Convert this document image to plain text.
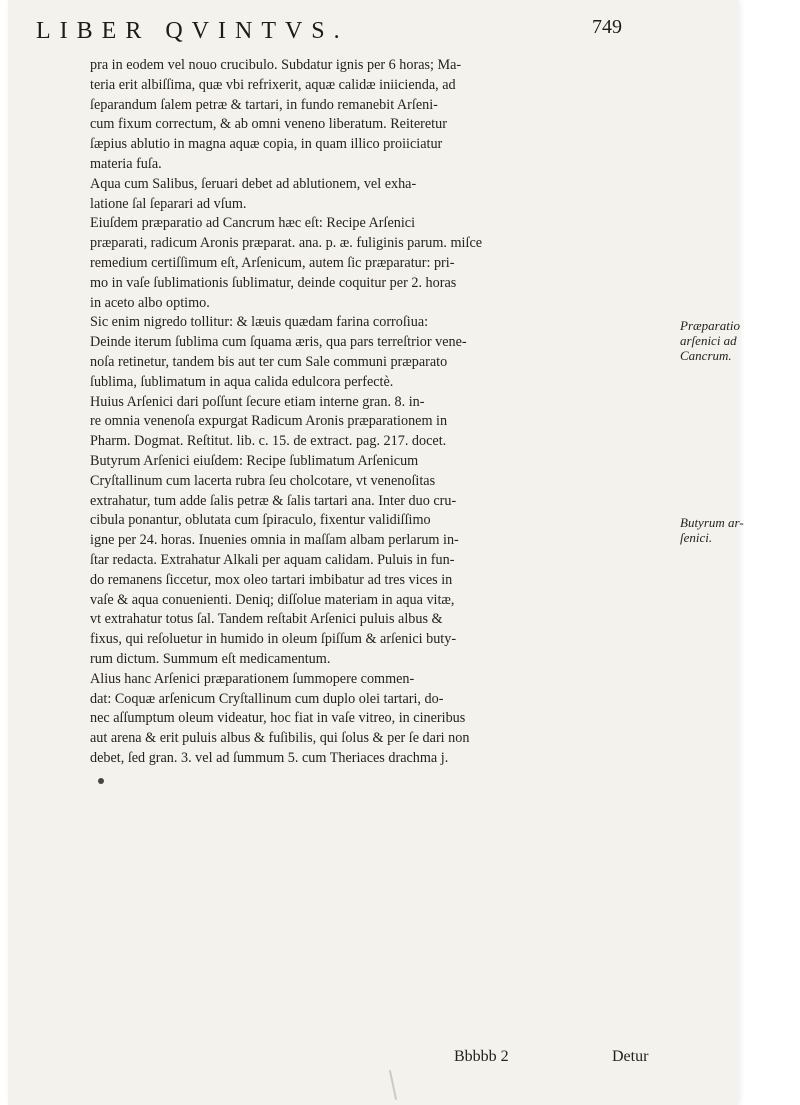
LIBER QVINTVS.	749
pra in eodem vel nouo crucibulo. Subdatur ignis per 6 horas; Ma-
teria erit albiſſima, quæ vbi refrixerit, aquæ calidæ iniicienda, ad
ſeparandum ſalem petræ & tartari, in fundo remanebit Arſeni-
cum fixum correctum, & ab omni veneno liberatum. Reiteretur
ſæpius ablutio in magna aquæ copia, in quam illico proiiciatur
materia fuſa.
Aqua cum Salibus, ſeruari debet ad ablutionem, vel exha-
latione ſal ſeparari ad vſum.
Eiuſdem præparatio ad Cancrum hæc eſt: Recipe Arſenici
præparati, radicum Aronis præparat. ana. p. æ. fuliginis parum. miſce
remedium certiſſimum eſt, Arſenicum, autem ſic præparatur: pri-
mo in vaſe ſublimationis ſublimatur, deinde coquitur per 2. horas
in aceto albo optimo.
Sic enim nigredo tollitur: & læuis quædam farina corroſiua:
Deinde iterum ſublima cum ſquama æris, qua pars terreſtrior vene-
noſa retinetur, tandem bis aut ter cum Sale communi præparato
ſublima, ſublimatum in aqua calida edulcora perfectè.
Huius Arſenici dari poſſunt ſecure etiam interne gran. 8. in-
re omnia venenoſa expurgat Radicum Aronis præparationem in
Pharm. Dogmat. Reſtitut. lib. c. 15. de extract. pag. 217. docet.
Butyrum Arſenici eiuſdem: Recipe ſublimatum Arſenicum
Cryſtallinum cum lacerta rubra ſeu cholcotare, vt venenoſitas
extrahatur, tum adde ſalis petræ & ſalis tartari ana. Inter duo cru-
cibula ponantur, oblutata cum ſpiraculo, fixentur validiſſimo
igne per 24. horas. Inuenies omnia in maſſam albam perlarum in-
ſtar redacta. Extrahatur Alkali per aquam calidam. Puluis in fun-
do remanens ſiccetur, mox oleo tartari imbibatur ad tres vices in
vaſe & aqua conuenienti. Deniq; diſſolue materiam in aqua vitæ,
vt extrahatur totus ſal. Tandem reſtabit Arſenici puluis albus &
fixus, qui reſoluetur in humido in oleum ſpiſſum & arſenici buty-
rum dictum. Summum eſt medicamentum.
Alius hanc Arſenici præparationem ſummopere commen-
dat: Coquæ arſenicum Cryſtallinum cum duplo olei tartari, do-
nec aſſumptum oleum videatur, hoc fiat in vaſe vitreo, in cineribus
aut arena & erit puluis albus & fuſibilis, qui ſolus & per ſe dari non
debet, ſed gran. 3. vel ad ſummum 5. cum Theriaces drachma j.
Præparatio
arſenici ad
Cancrum.
Butyrum ar-
ſenici.
Bbbbb 2	Detur
